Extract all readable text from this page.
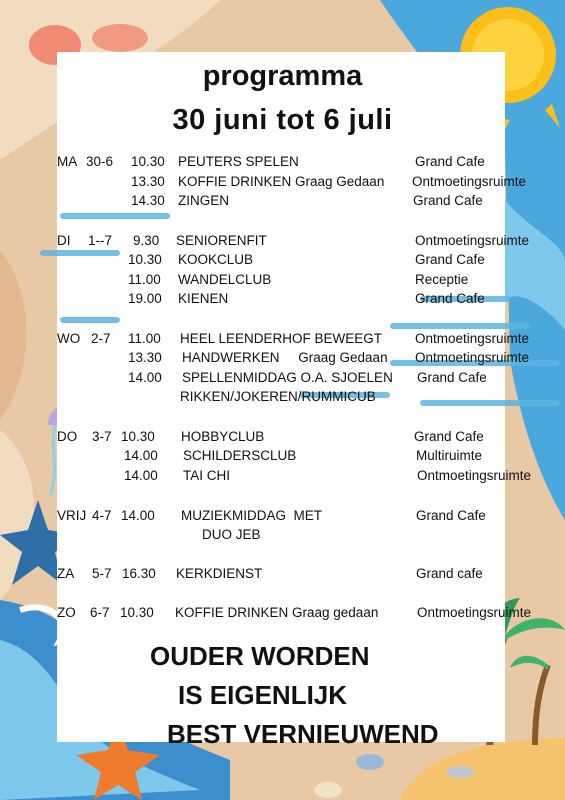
programma
30 juni tot 6 juli
MA 30-6 10.30 PEUTERS SPELEN	Grand Cafe
13.30 KOFFIE DRINKEN Graag Gedaan Ontmoetingsruimte
14.30 ZINGEN	Grand Cafe
DI 1--7 9.30 SENIORENFIT	Ontmoetingsruimte
10.30 KOOKCLUB	Grand Cafe
11.00 WANDELCLUB	Receptie
19.00 KIENEN	Grand Cafe
WO 2-7 11.00 HEEL LEENDERHOF BEWEEGT Ontmoetingsruimte
13.30 HANDWERKEN     Graag Gedaan Ontmoetingsruimte
14.00 SPELLENMIDDAG O.A. SJOELEN Grand Cafe
RIKKEN/JOKEREN/RUMMICUB
DO 3-7 10.30 HOBBYCLUB	Grand Cafe
14.00 SCHILDERSCLUB	Multiruimte
14.00 TAI CHI	Ontmoetingsruimte
VRIJ 4-7 14.00 MUZIEKMIDDAG  MET	Grand Cafe
DUO JEB
ZA 5-7 16.30 KERKDIENST	Grand cafe
ZO 6-7 10.30 KOFFIE DRINKEN Graag gedaan	Ontmoetingsruimte
OUDER WORDEN
IS EIGENLIJK
BEST VERNIEUWEND
